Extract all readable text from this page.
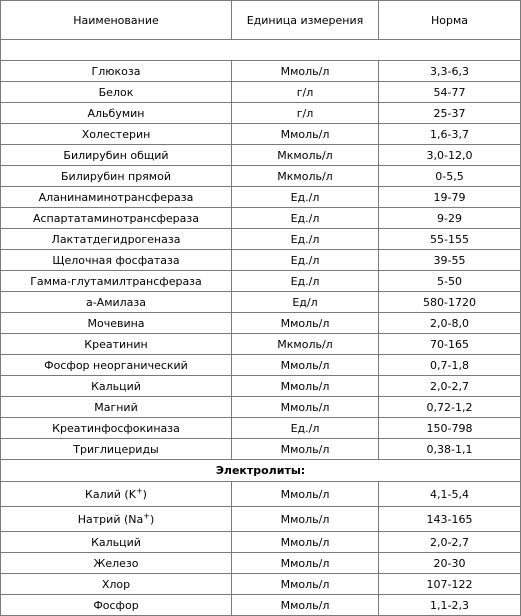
Наименование	Единица измерения	Норма

Глюкоза	Ммоль/л	3,3-6,3
Белок	г/л	54-77
Альбумин	г/л	25-37
Холестерин	Ммоль/л	1,6-3,7
Билирубин общий	Мкмоль/л	3,0-12,0
Билирубин прямой	Мкмоль/л	0-5,5
Аланинаминотрансфераза	Ед./л	19-79
Аспартатаминотрансфераза	Ед./л	9-29
Лактатдегидрогеназа	Ед./л	55-155
Щелочная фосфатаза	Ед./л	39-55
Гамма-глутамилтрансфераза	Ед./л	5-50
а-Амилаза	Ед/л	580-1720
Мочевина	Ммоль/л	2,0-8,0
Креатинин	Мкмоль/л	70-165
Фосфор неорганический	Ммоль/л	0,7-1,8
Кальций	Ммоль/л	2,0-2,7
Магний	Ммоль/л	0,72-1,2
Креатинфосфокиназа	Ед./л	150-798
Триглицериды	Ммоль/л	0,38-1,1
Электролиты:		
Калий (K+)	Ммоль/л	4,1-5,4
Натрий (Na+)	Ммоль/л	143-165
Кальций	Ммоль/л	2,0-2,7
Железо	Ммоль/л	20-30
Хлор	Ммоль/л	107-122
Фосфор	Ммоль/л	1,1-2,3
